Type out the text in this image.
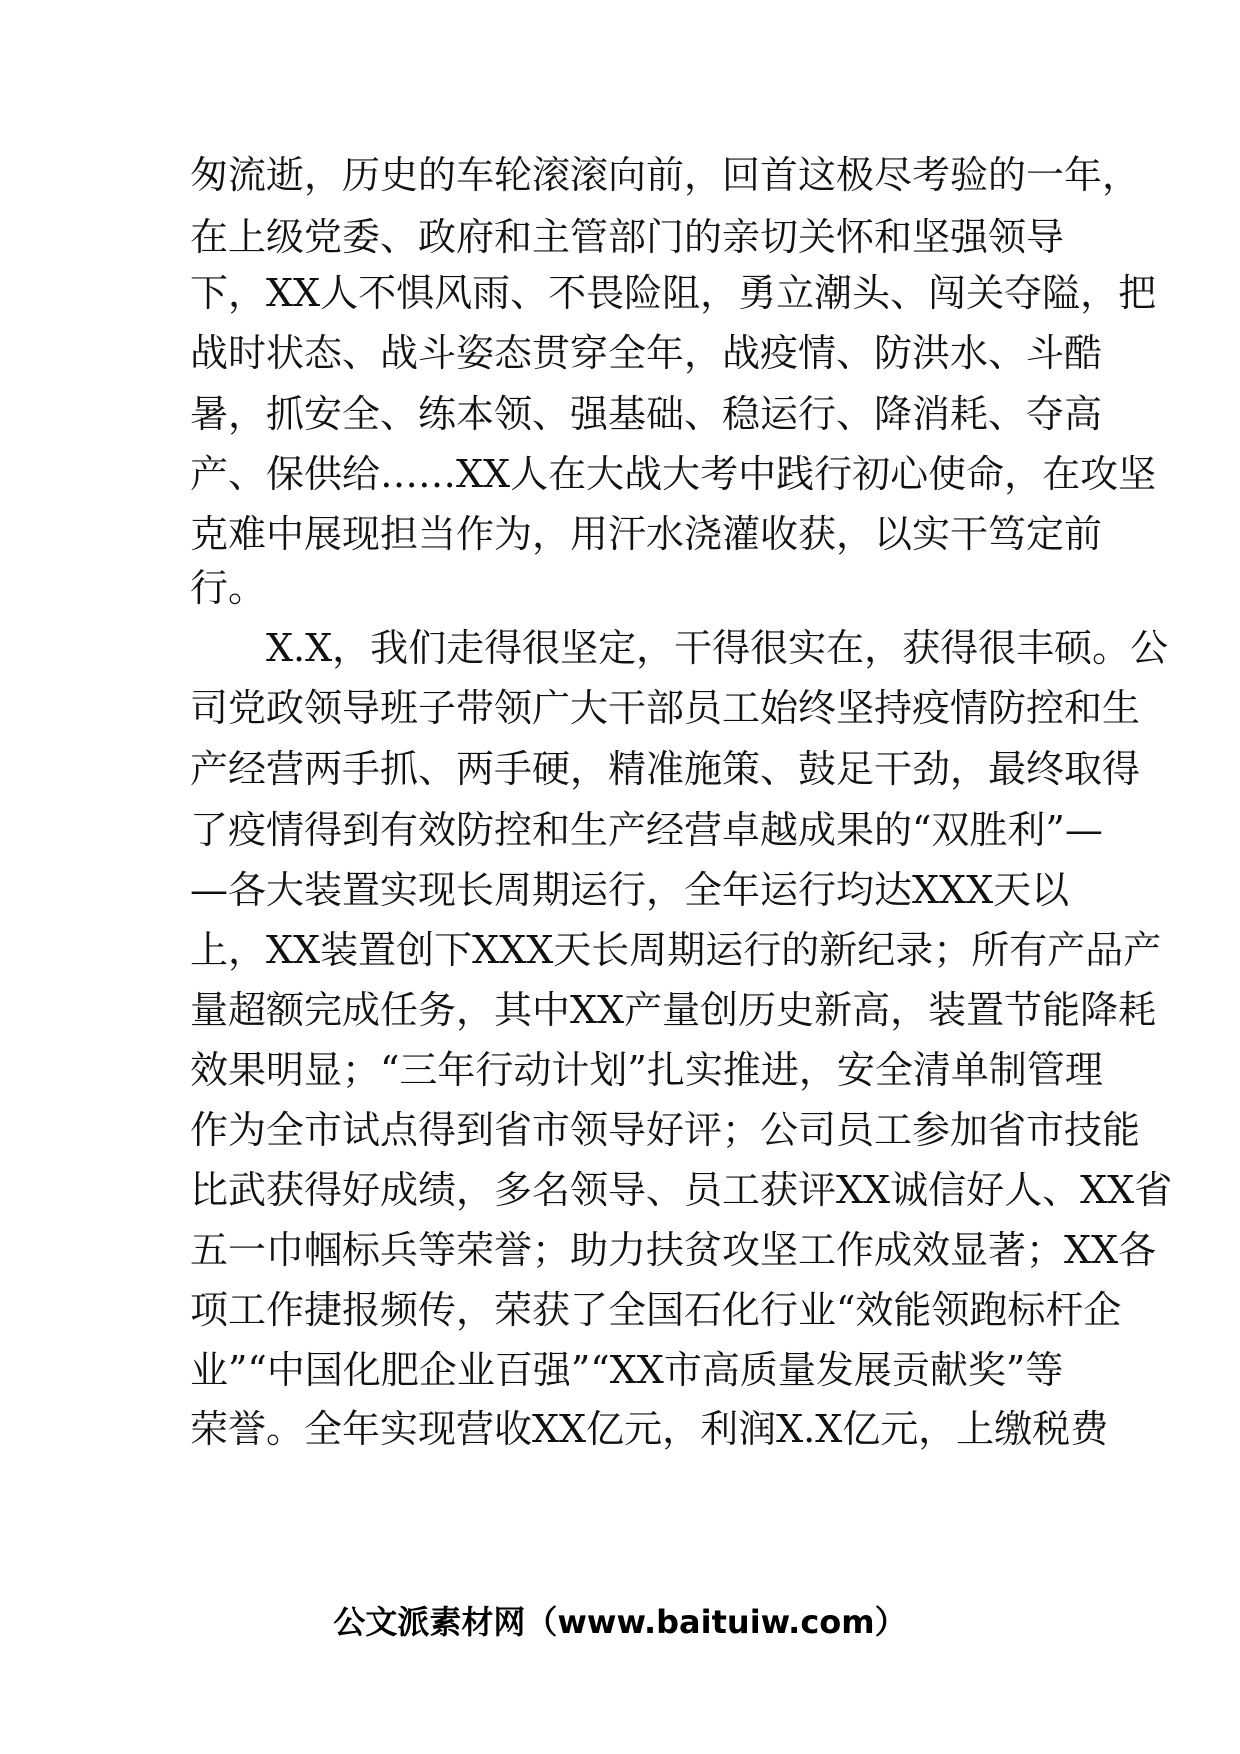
匆流逝，历史的车轮滚滚向前，回首这极尽考验的一年，
在上级党委、政府和主管部门的亲切关怀和坚强领导
下，XX人不惧风雨、不畏险阻，勇立潮头、闯关夺隘，把
战时状态、战斗姿态贯穿全年，战疫情、防洪水、斗酷
暑，抓安全、练本领、强基础、稳运行、降消耗、夺高
产、保供给……XX人在大战大考中践行初心使命，在攻坚
克难中展现担当作为，用汗水浇灌收获，以实干笃定前
行。
X.X，我们走得很坚定，干得很实在，获得很丰硕。公
司党政领导班子带领广大干部员工始终坚持疫情防控和生
产经营两手抓、两手硬，精准施策、鼓足干劲，最终取得
了疫情得到有效防控和生产经营卓越成果的“双胜利”—
—各大装置实现长周期运行，全年运行均达XXX天以
上，XX装置创下XXX天长周期运行的新纪录；所有产品产
量超额完成任务，其中XX产量创历史新高，装置节能降耗
效果明显；“三年行动计划”扎实推进，安全清单制管理
作为全市试点得到省市领导好评；公司员工参加省市技能
比武获得好成绩，多名领导、员工获评XX诚信好人、XX省
五一巾帼标兵等荣誉；助力扶贫攻坚工作成效显著；XX各
项工作捷报频传，荣获了全国石化行业“效能领跑标杆企
业”“中国化肥企业百强”“XX市高质量发展贡献奖”等
荣誉。全年实现营收XX亿元，利润X.X亿元，上缴税费
公文派素材网（www.baituiw.com）
